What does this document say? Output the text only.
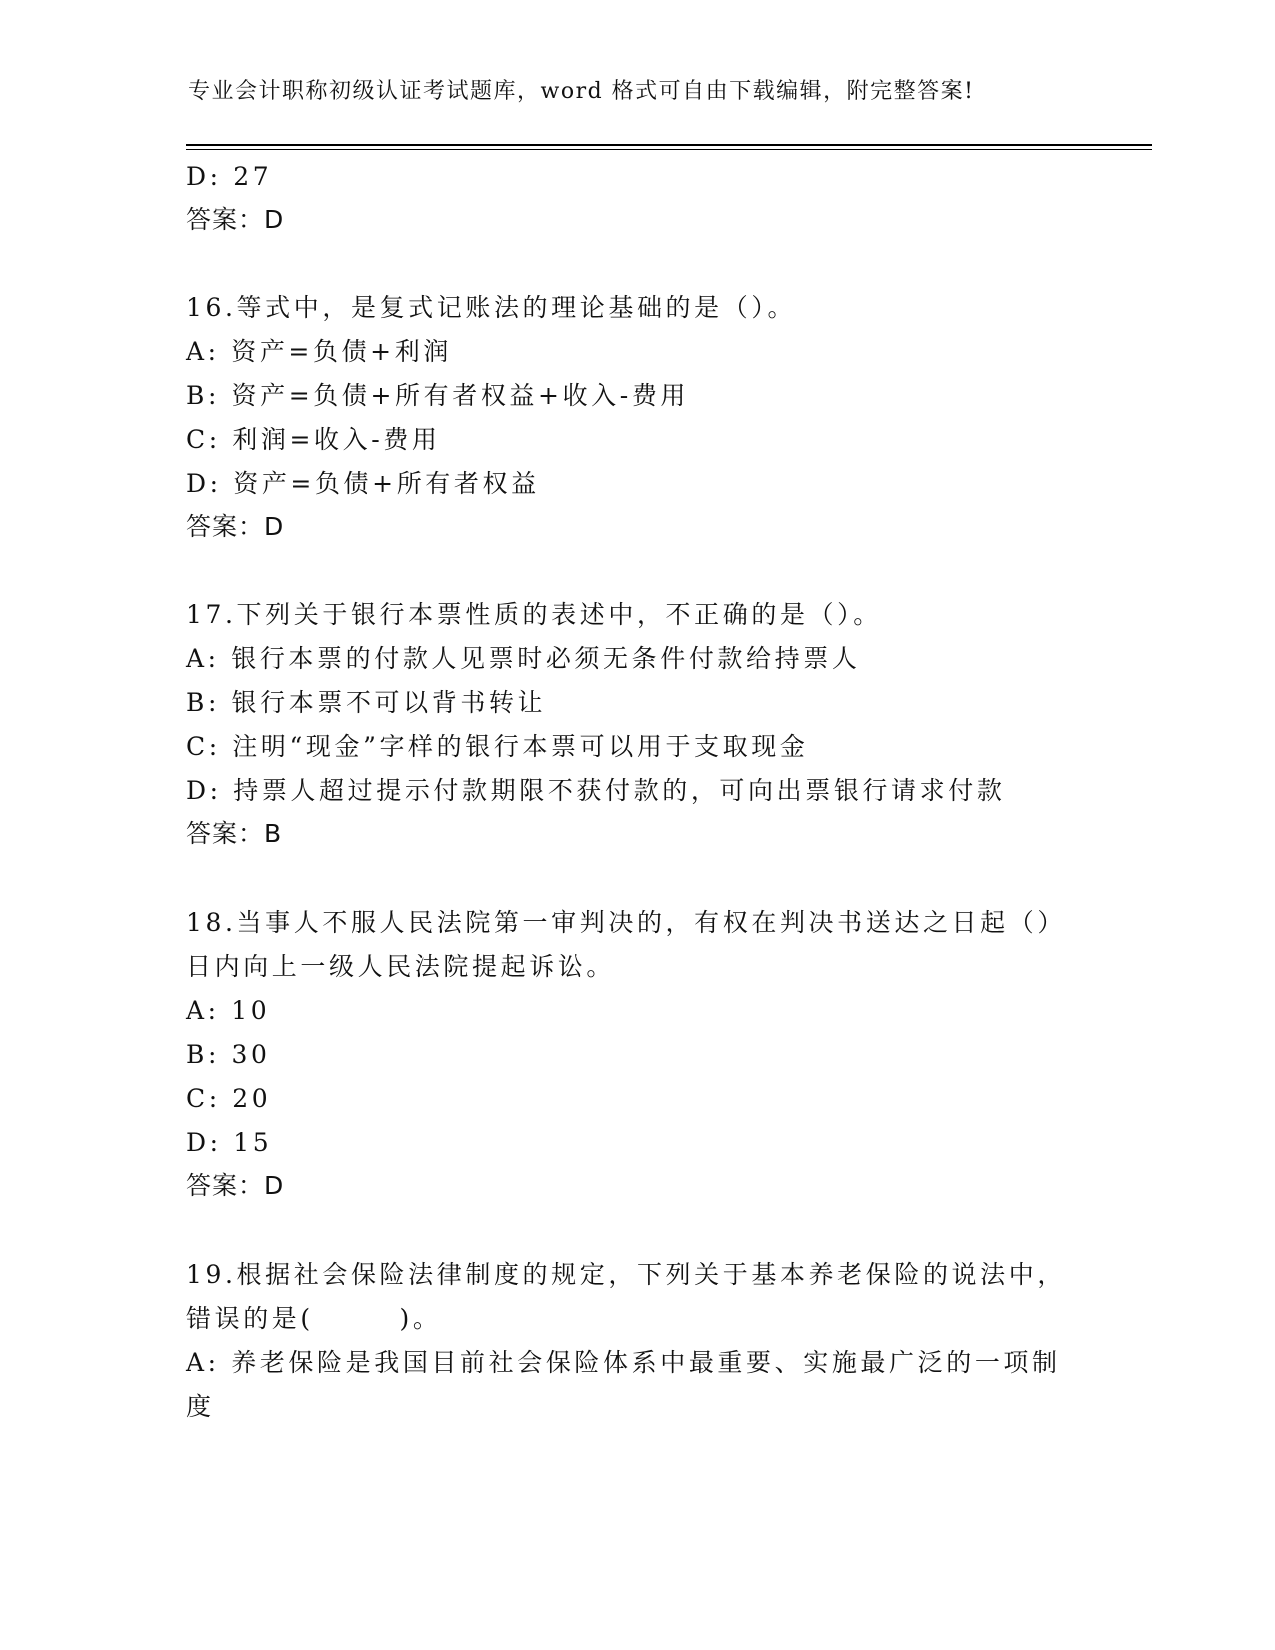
专业会计职称初级认证考试题库，word 格式可自由下载编辑，附完整答案!
D: 27
答案：D
16.等式中，是复式记账法的理论基础的是（）。
A: 资产=负债+利润
B: 资产=负债+所有者权益+收入-费用
C: 利润=收入-费用
D: 资产=负债+所有者权益
答案：D
17.下列关于银行本票性质的表述中，不正确的是（）。
A: 银行本票的付款人见票时必须无条件付款给持票人
B: 银行本票不可以背书转让
C: 注明“现金”字样的银行本票可以用于支取现金
D: 持票人超过提示付款期限不获付款的，可向出票银行请求付款
答案：B
18.当事人不服人民法院第一审判决的，有权在判决书送达之日起（）
日内向上一级人民法院提起诉讼。
A: 10
B: 30
C: 20
D: 15
答案：D
19.根据社会保险法律制度的规定，下列关于基本养老保险的说法中，
错误的是(　　　)。
A: 养老保险是我国目前社会保险体系中最重要、实施最广泛的一项制
度
